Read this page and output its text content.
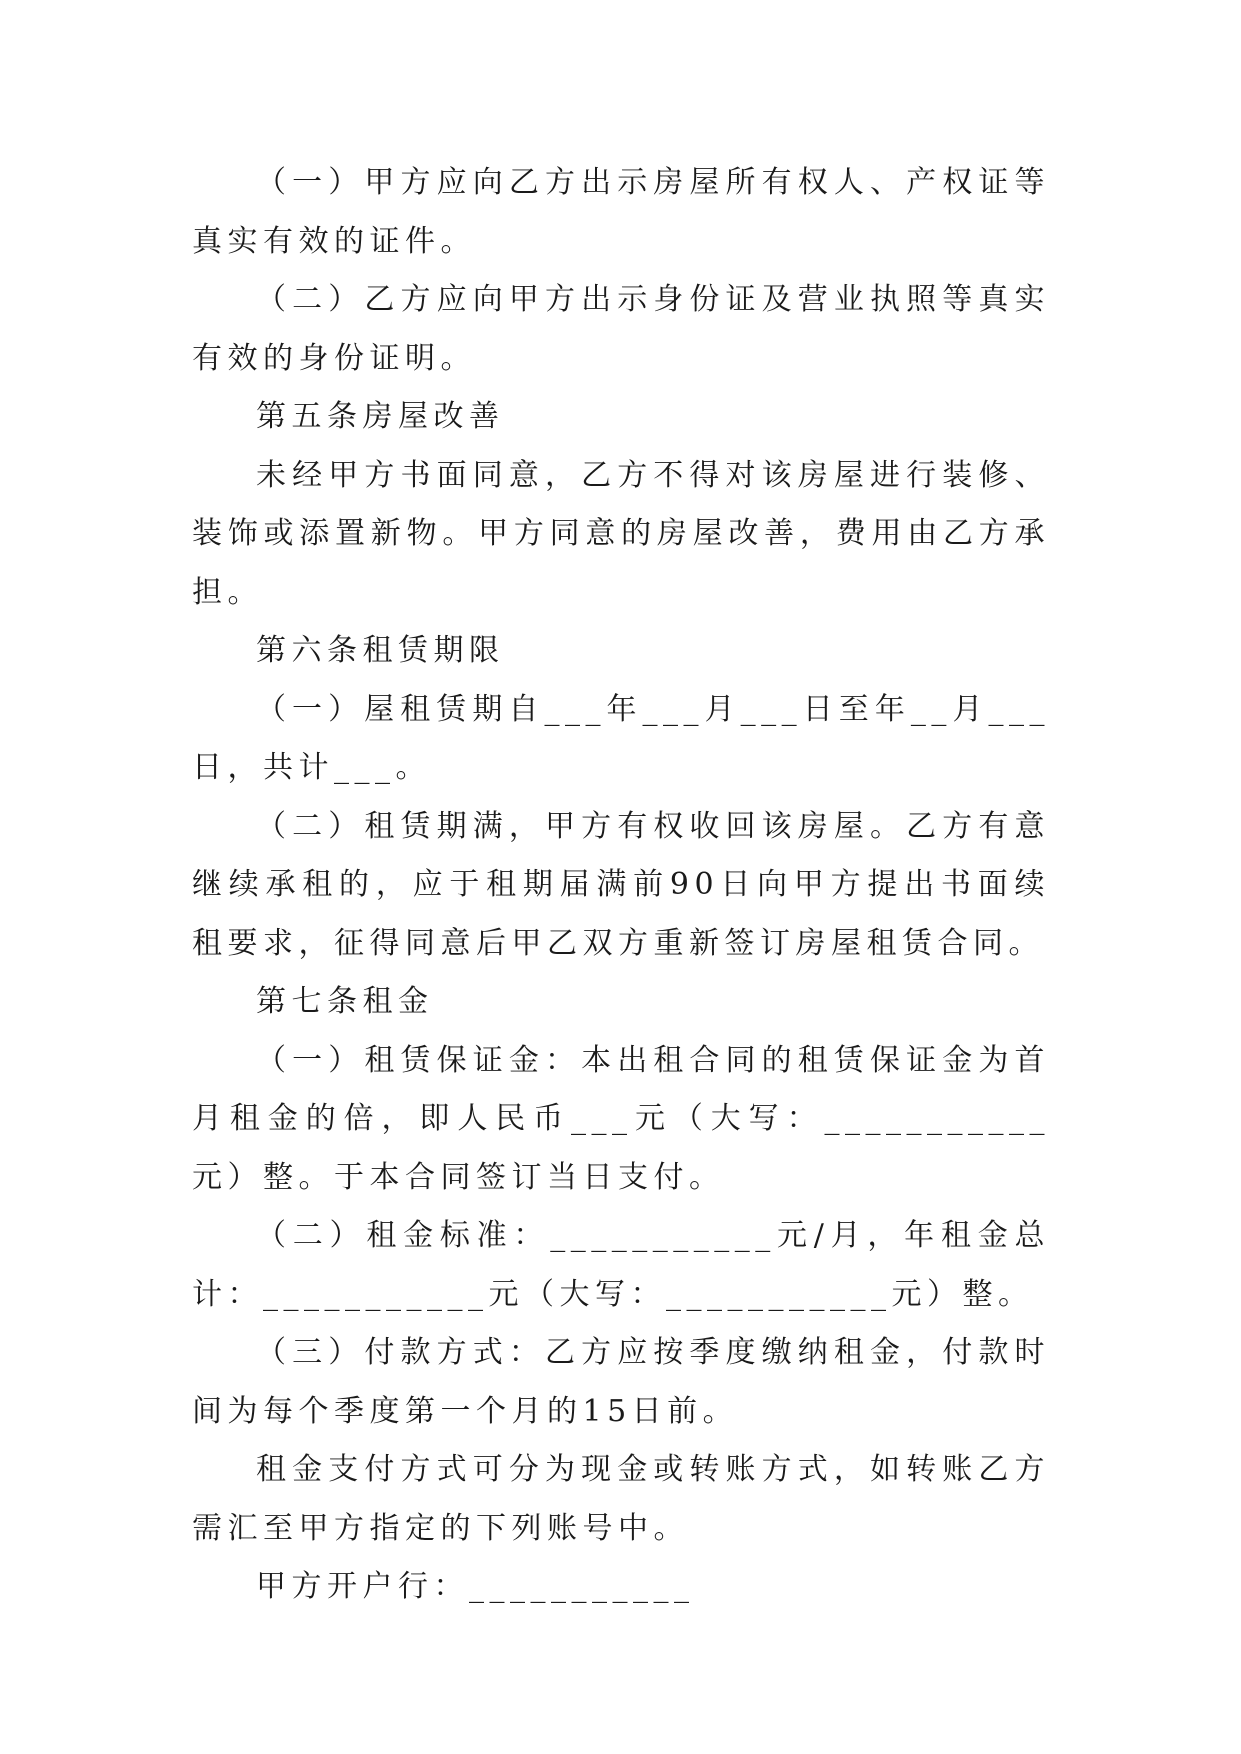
（一）甲方应向乙方出示房屋所有权人、产权证等真实有效的证件。

（二）乙方应向甲方出示身份证及营业执照等真实有效的身份证明。

第五条房屋改善

未经甲方书面同意，乙方不得对该房屋进行装修、装饰或添置新物。甲方同意的房屋改善，费用由乙方承担。

第六条租赁期限

（一）屋租赁期自___年___月___日至年__月___日，共计___。

（二）租赁期满，甲方有权收回该房屋。乙方有意继续承租的，应于租期届满前90日向甲方提出书面续租要求，征得同意后甲乙双方重新签订房屋租赁合同。

第七条租金

（一）租赁保证金：本出租合同的租赁保证金为首月租金的倍，即人民币___元（大写：___________元）整。于本合同签订当日支付。

（二）租金标准：___________元/月，年租金总计：___________元（大写：___________元）整。

（三）付款方式：乙方应按季度缴纳租金，付款时间为每个季度第一个月的15日前。

租金支付方式可分为现金或转账方式，如转账乙方需汇至甲方指定的下列账号中。

甲方开户行：___________
